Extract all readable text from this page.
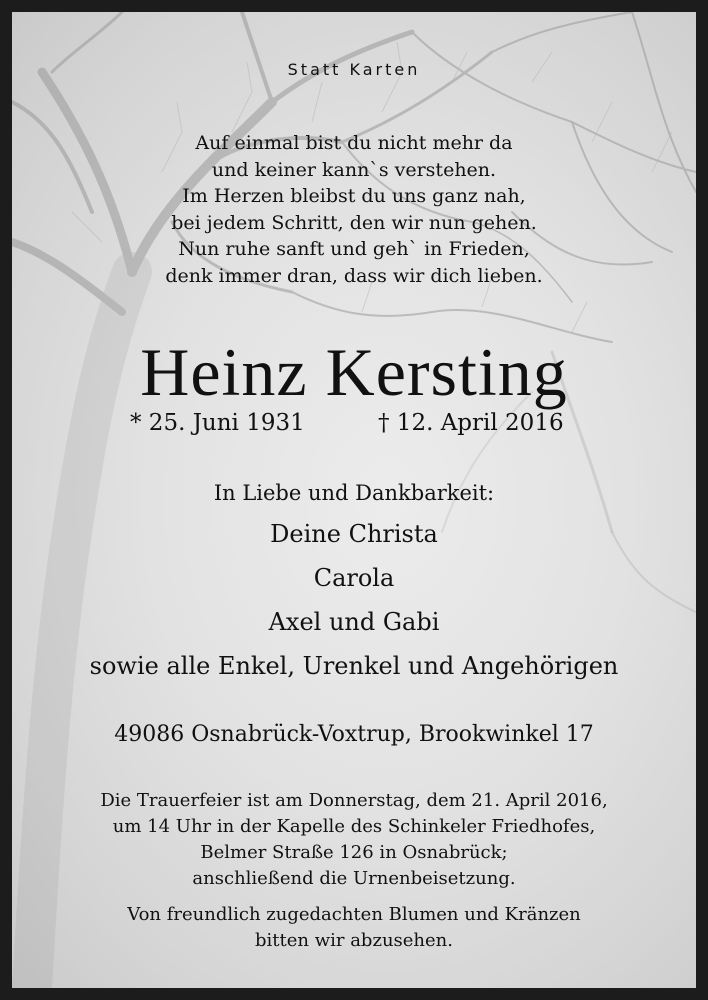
Statt Karten
Auf einmal bist du nicht mehr da
und keiner kann`s verstehen.
Im Herzen bleibst du uns ganz nah,
bei jedem Schritt, den wir nun gehen.
Nun ruhe sanft und geh` in Frieden,
denk immer dran, dass wir dich lieben.
Heinz Kersting
* 25. Juni 1931	† 12. April 2016
In Liebe und Dankbarkeit:
Deine Christa
Carola
Axel und Gabi
sowie alle Enkel, Urenkel und Angehörigen
49086 Osnabrück-Voxtrup, Brookwinkel 17
Die Trauerfeier ist am Donnerstag, dem 21. April 2016,
um 14 Uhr in der Kapelle des Schinkeler Friedhofes,
Belmer Straße 126 in Osnabrück;
anschließend die Urnenbeisetzung.
Von freundlich zugedachten Blumen und Kränzen
bitten wir abzusehen.
